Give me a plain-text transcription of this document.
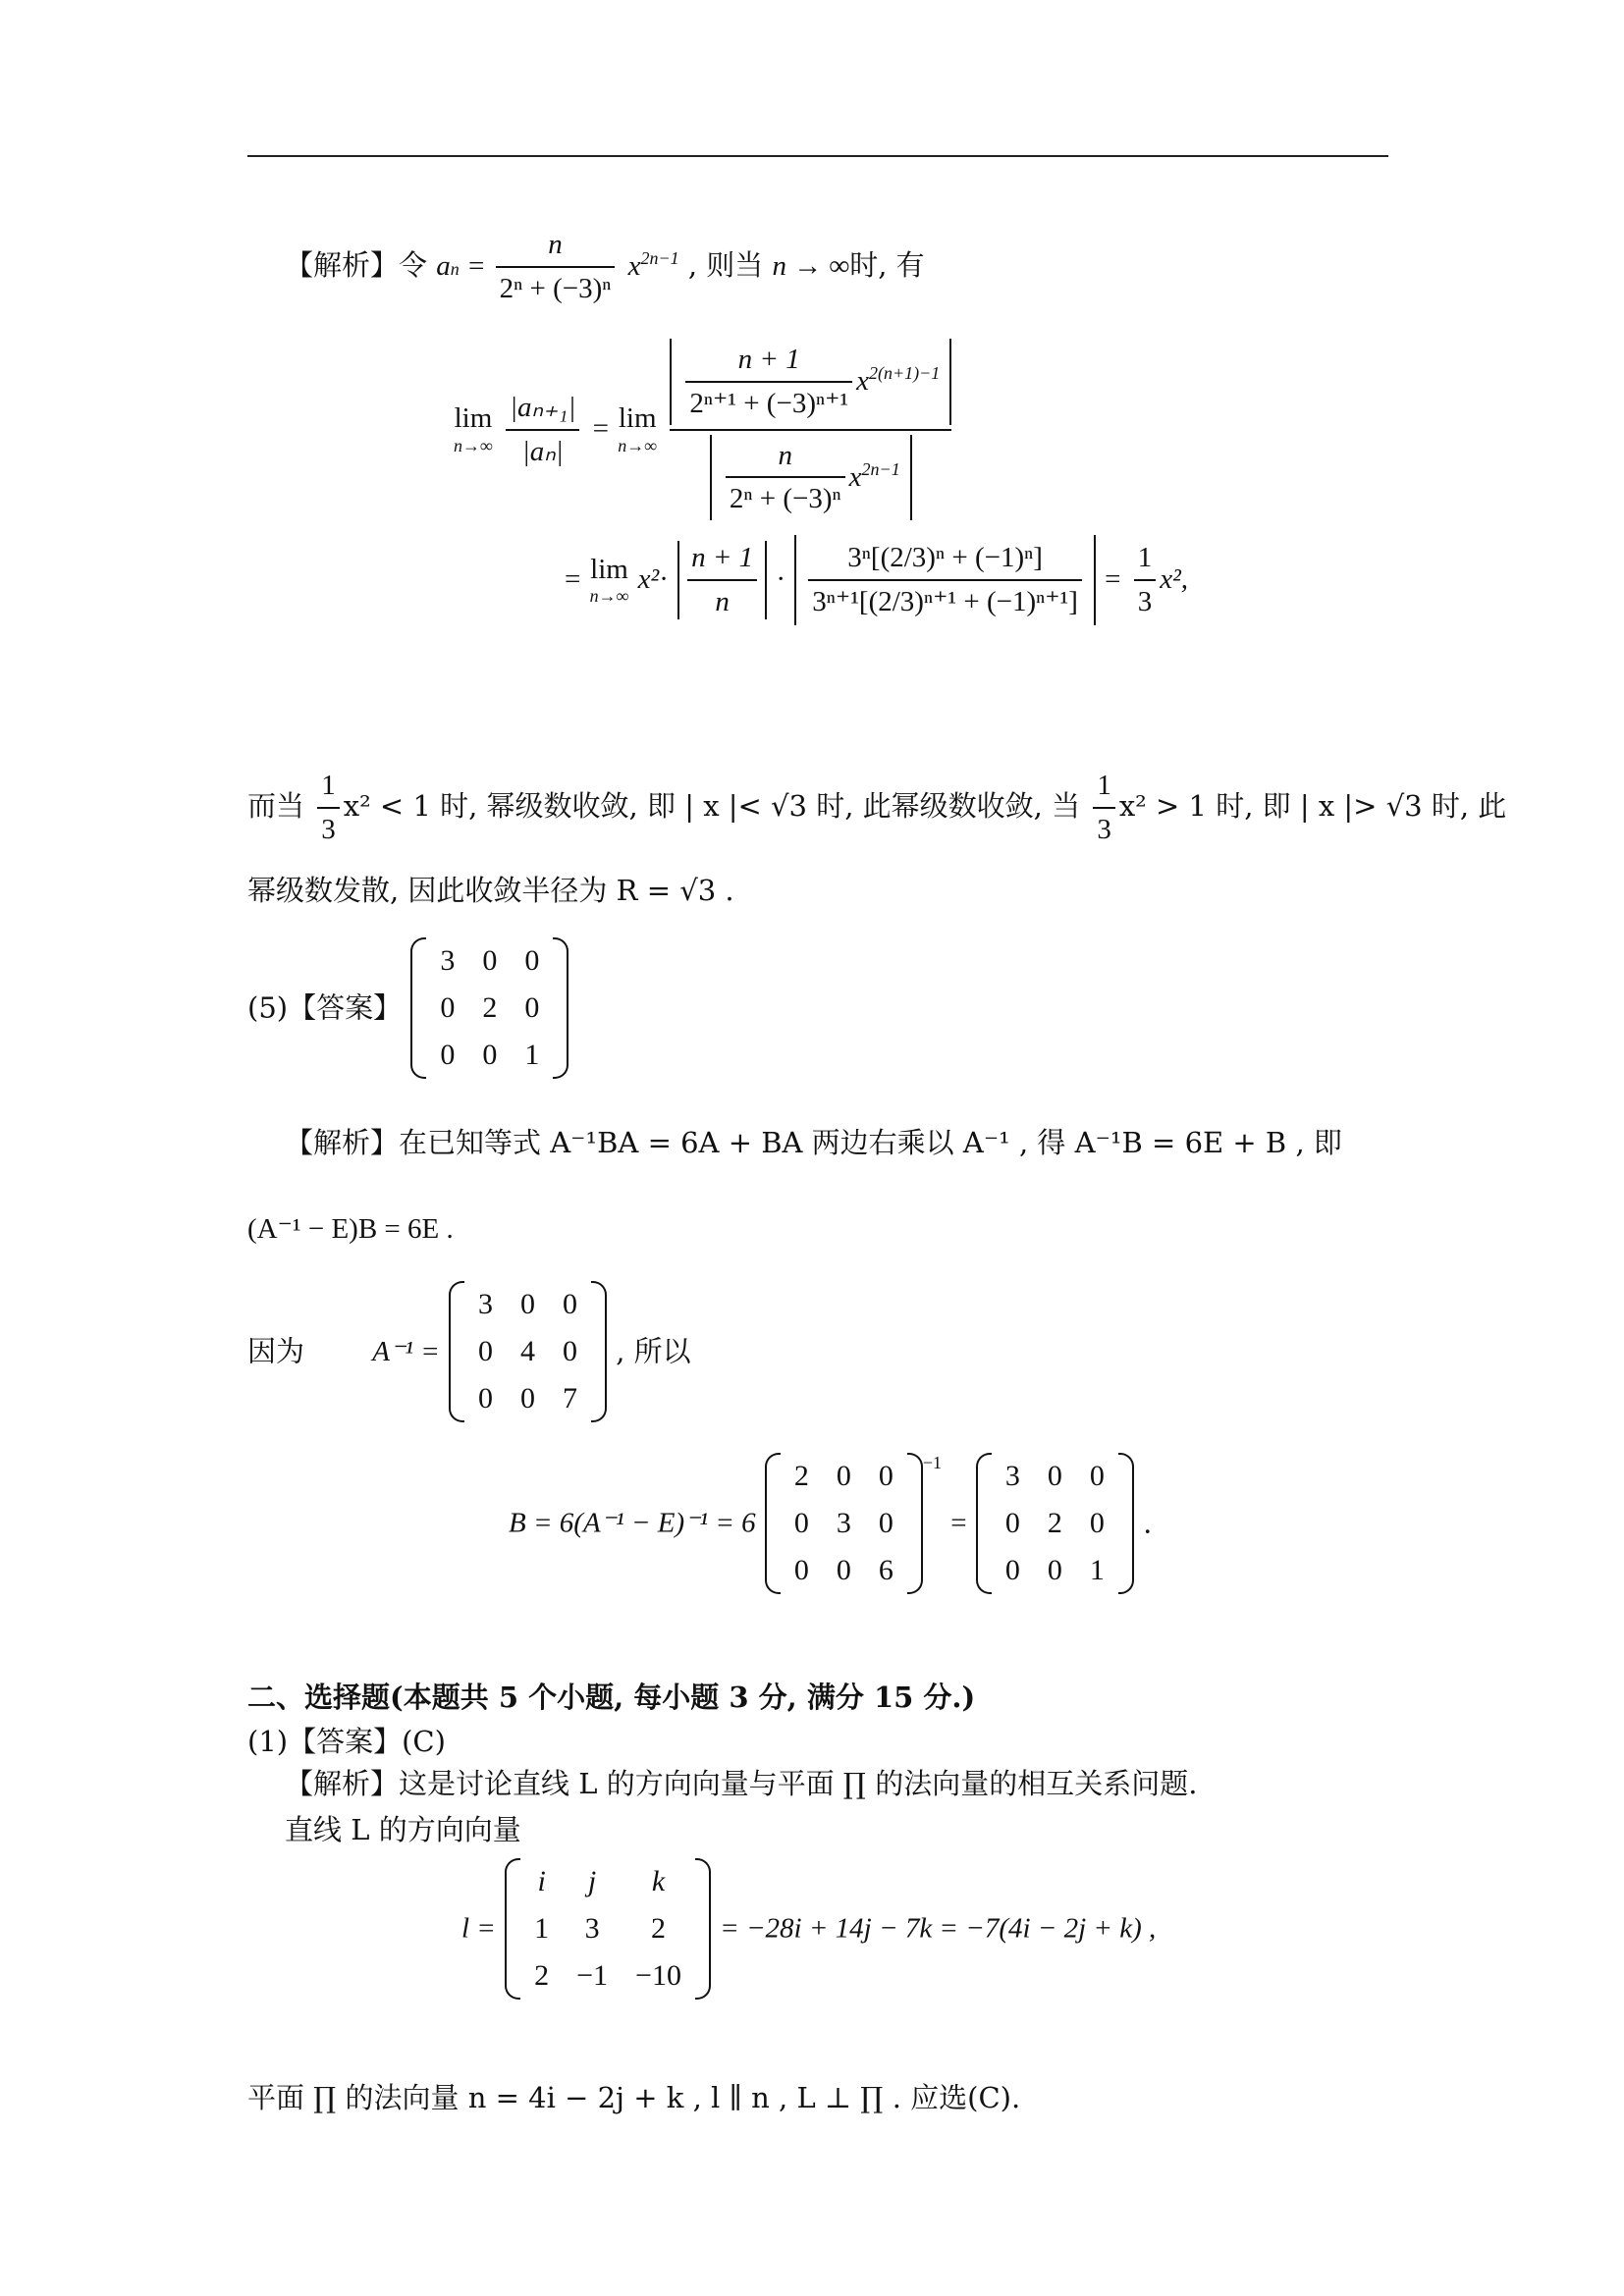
【解析】令 an = $\frac{n}{\text{2ⁿ + (−3)ⁿ}} x^{2n-1}$ , 则当 n → ∞时, 有
lim
n→∞
$\frac{\text{|aₙ₊₁|}}{\text{|aₙ|}} = \lim$
n→∞
$\frac{\frac{n + 1}{\text{2ⁿ⁺¹ + (−3)ⁿ⁺¹}} x^{2(n+1)-1}}{\frac{n}{\text{2ⁿ + (−3)ⁿ}} x^{2n-1}}$
= lim
n→∞
$x^2\cdot \frac{n + 1}{n} \cdot \frac{\text{3ⁿ[(2/3)ⁿ + (−1)ⁿ]}}{\text{3ⁿ⁺¹[(2/3)ⁿ⁺¹ + (−1)ⁿ⁺¹]}} = \frac{1}{3} x^2$,
而当 $\frac{1}{3} x^2 < 1$ 时, 幂级数收敛, 即 | x |< √3 时, 此幂级数收敛, 当 $\frac{1}{3} x^2 > 1$ 时, 即 | x |> √3 时, 此
幂级数发散, 因此收敛半径为 R = √3 .
(5)【答案】
3	0	0
0	2	0
0	0	1
【解析】在已知等式 A⁻¹BA = 6A + BA 两边右乘以 A⁻¹ , 得 A⁻¹B = 6E + B , 即
(A⁻¹ − E)B = 6E .
因为 A⁻¹ =
3	0	0
0	4	0
0	0	7
, 所以
B = 6(A⁻¹ − E)⁻¹ = 6
2	0	0
0	3	0
0	0	6
$^{-1}$ =
3	0	0
0	2	0
0	0	1
.
二、选择题(本题共 5 个小题, 每小题 3 分, 满分 15 分.)
(1)【答案】(C)
【解析】这是讨论直线 L 的方向向量与平面 ∏ 的法向量的相互关系问题.
直线 L 的方向向量
l =
i	j	k
1	3	2
2	−1	−10
= −28i + 14j − 7k = −7(4i − 2j + k) ,
平面 ∏ 的法向量 n = 4i − 2j + k , l ∥ n , L ⊥ ∏ . 应选(C).
